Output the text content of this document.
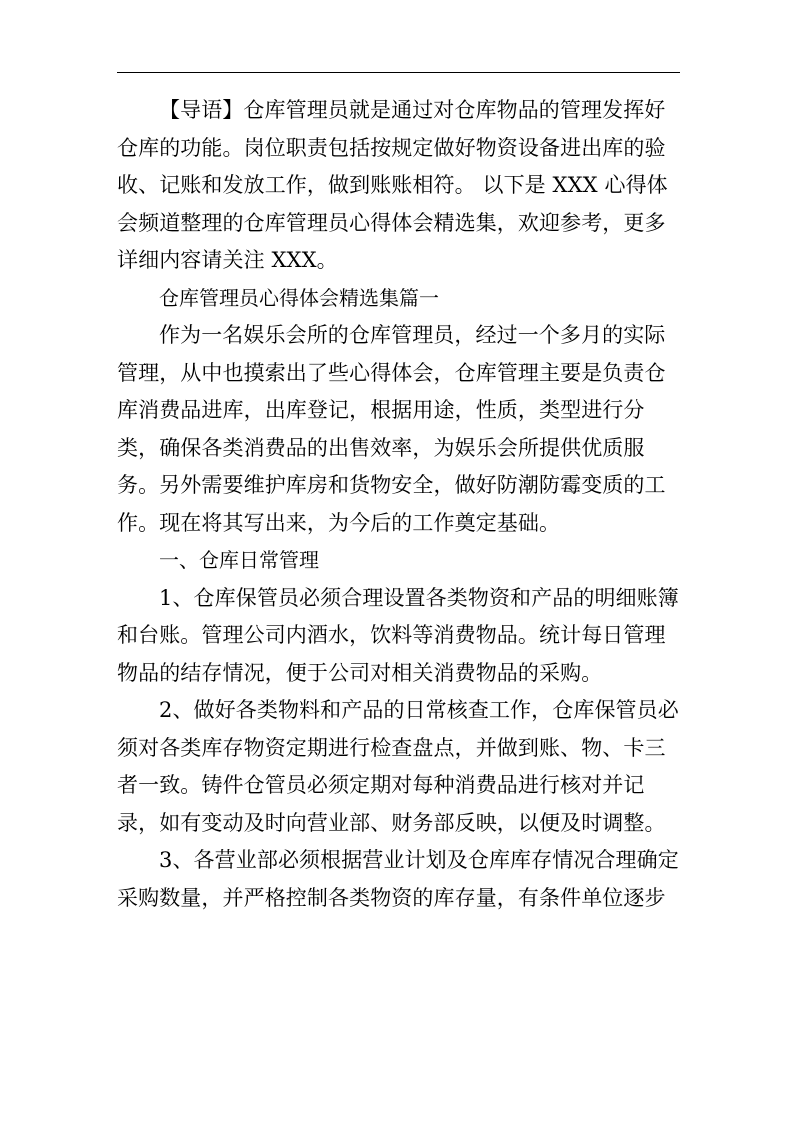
【导语】仓库管理员就是通过对仓库物品的管理发挥好仓库的功能。岗位职责包括按规定做好物资设备进出库的验收、记账和发放工作，做到账账相符。 以下是 XXX 心得体会频道整理的仓库管理员心得体会精选集，欢迎参考，更多详细内容请关注 XXX。

仓库管理员心得体会精选集篇一

作为一名娱乐会所的仓库管理员，经过一个多月的实际管理，从中也摸索出了些心得体会，仓库管理主要是负责仓库消费品进库，出库登记，根据用途，性质，类型进行分类，确保各类消费品的出售效率，为娱乐会所提供优质服务。另外需要维护库房和货物安全，做好防潮防霉变质的工作。现在将其写出来，为今后的工作奠定基础。

一、仓库日常管理

1、仓库保管员必须合理设置各类物资和产品的明细账簿和台账。管理公司内酒水，饮料等消费物品。统计每日管理物品的结存情况，便于公司对相关消费物品的采购。

2、做好各类物料和产品的日常核查工作，仓库保管员必须对各类库存物资定期进行检查盘点，并做到账、物、卡三者一致。铸件仓管员必须定期对每种消费品进行核对并记录，如有变动及时向营业部、财务部反映，以便及时调整。

3、各营业部必须根据营业计划及仓库库存情况合理确定采购数量，并严格控制各类物资的库存量，有条件单位逐步
